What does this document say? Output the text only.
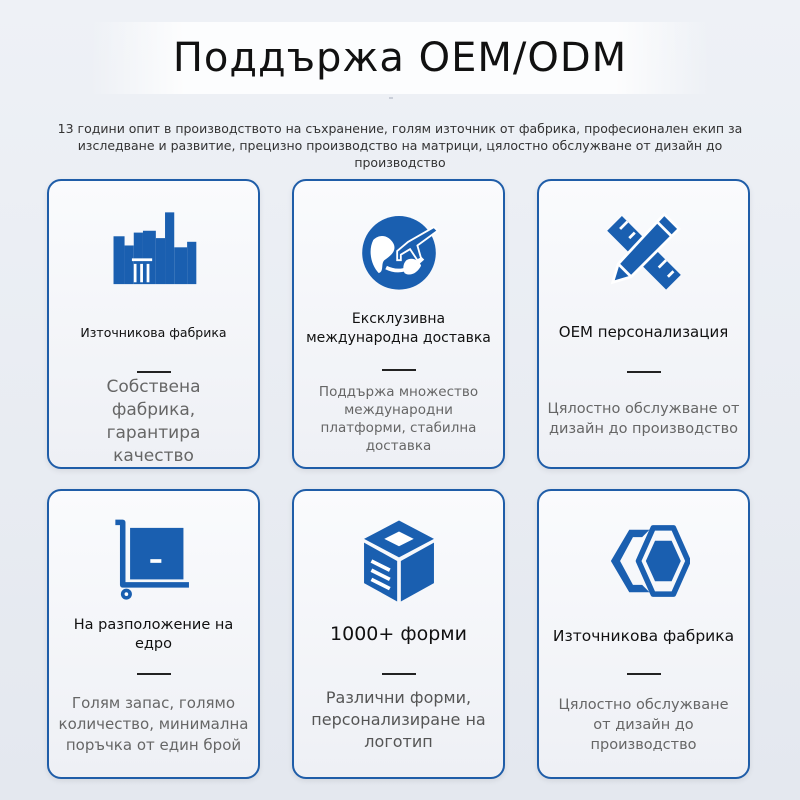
Поддържа OEM/ODM
13 години опит в производството на съхранение, голям източник от фабрика, професионален екип за
изследване и развитие, прецизно производство на матрици, цялостно обслужване от дизайн до производство
Източникова фабрика
Собствена фабрика, гарантира качество
Ексклузивна международна доставка
Поддържа множество международни платформи, стабилна доставка
OEM персонализация
Цялостно обслужване от дизайн до производство
На разположение на едро
Голям запас, голямо количество, минимална поръчка от един брой
1000+ форми
Различни форми, персонализиране на логотип
Източникова фабрика
Цялостно обслужване от дизайн до производство
